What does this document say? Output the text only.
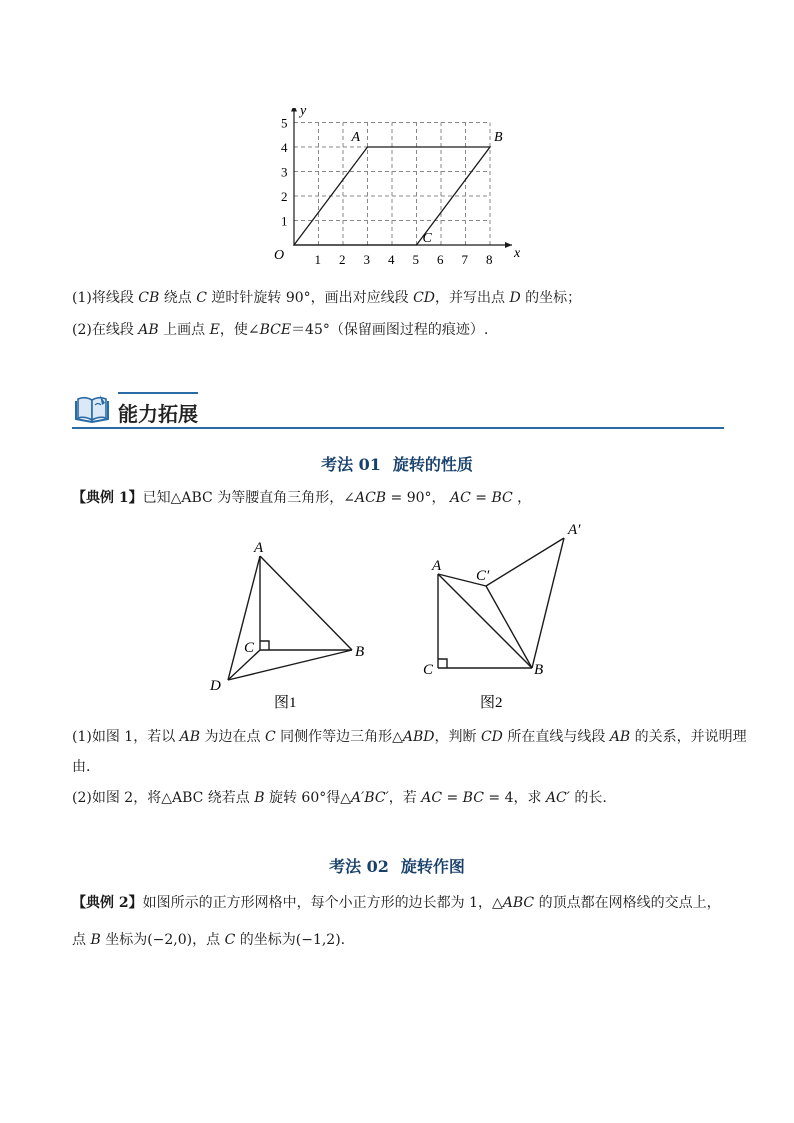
x
y
1 2 3 4 5 6 7 8
1
2
3
4
5
A	B
C
O
(1)将线段 CB 绕点 C 逆时针旋转 90°，画出对应线段 CD，并写出点 D 的坐标；
(2)在线段 AB 上画点 E，使∠BCE＝45°（保留画图过程的痕迹）.
能力拓展
考法 01 旋转的性质
【典例 1】已知△ABC 为等腰直角三角形，∠ACB = 90°， AC = BC ，
A
B
C
D
图1
A
B
C
C′
A′
图2
(1)如图 1，若以 AB 为边在点 C 同侧作等边三角形△ABD，判断 CD 所在直线与线段 AB 的关系，并说明理
由.
(2)如图 2，将△ABC 绕若点 B 旋转 60°得△A′BC′，若 AC = BC = 4，求 AC′ 的长.
考法 02 旋转作图
【典例 2】如图所示的正方形网格中，每个小正方形的边长都为 1，△ABC 的顶点都在网格线的交点上，
点 B 坐标为(−2,0)，点 C 的坐标为(−1,2).
